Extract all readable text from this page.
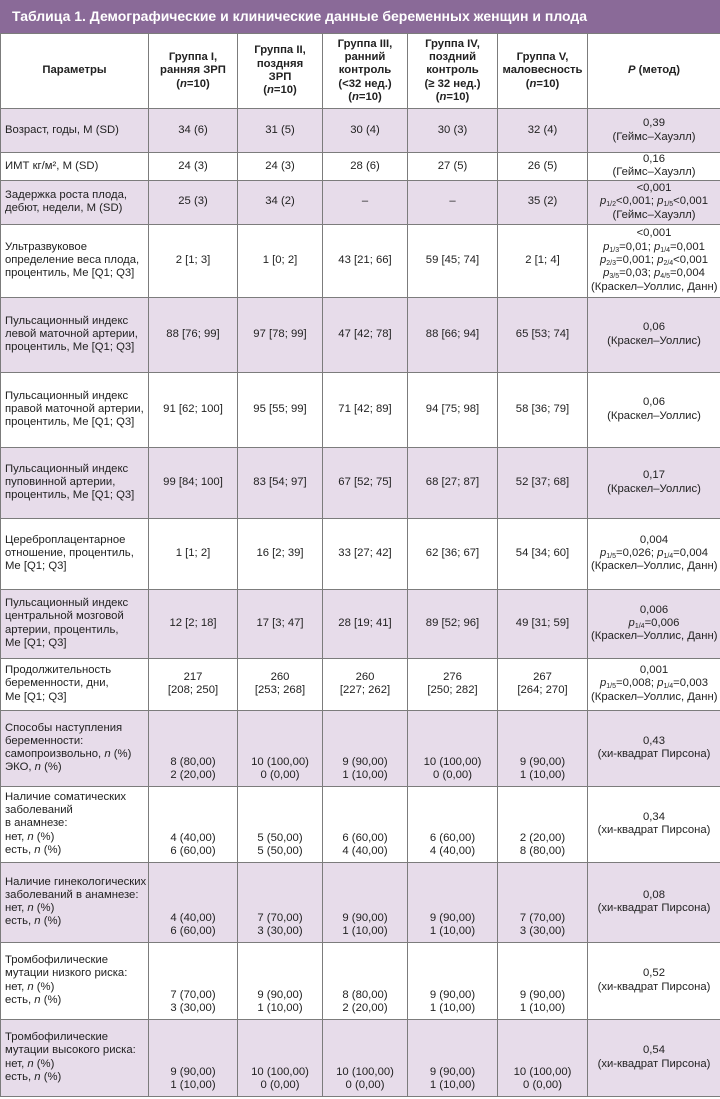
Таблица 1. Демографические и клинические данные беременных женщин и плода
Параметры	Группа I,
ранняя ЗРП
(n=10)	Группа II,
поздняя
ЗРП
(n=10)	Группа III,
ранний
контроль
(<32 нед.)
(n=10)	Группа IV,
поздний
контроль
(≥ 32 нед.)
(n=10)	Группа V,
маловесность
(n=10)	P (метод)

Возраст, годы, M (SD)	34 (6)	31 (5)	30 (4)	30 (3)	32 (4)	0,39
(Геймс–Хауэлл)

ИМТ кг/м², M (SD)	24 (3)	24 (3)	28 (6)	27 (5)	26 (5)	0,16
(Геймс–Хауэлл)

Задержка роста плода,
дебют, недели, M (SD)	25 (3)	34 (2)	–	–	35 (2)	<0,001
$p_{1/2}<0,001$; $p_{1/5}<0,001$
(Геймс–Хауэлл)

Ультразвуковое
определение веса плода,
процентиль, Me [Q1; Q3]	2 [1; 3]	1 [0; 2]	43 [21; 66]	59 [45; 74]	2 [1; 4]	<0,001
$p_{1/3}=0,01$; $p_{1/4}=0,001$
$p_{2/3}=0,001$; $p_{2/4}<0,001$
$p_{3/5}=0,03$; $p_{4/5}=0,004$
(Краскел–Уоллис, Данн)

Пульсационный индекс
левой маточной артерии,
процентиль, Me [Q1; Q3]	88 [76; 99]	97 [78; 99]	47 [42; 78]	88 [66; 94]	65 [53; 74]	0,06
(Краскел–Уоллис)

Пульсационный индекс
правой маточной артерии,
процентиль, Me [Q1; Q3]	91 [62; 100]	95 [55; 99]	71 [42; 89]	94 [75; 98]	58 [36; 79]	0,06
(Краскел–Уоллис)

Пульсационный индекс
пуповинной артерии,
процентиль, Me [Q1; Q3]	99 [84; 100]	83 [54; 97]	67 [52; 75]	68 [27; 87]	52 [37; 68]	0,17
(Краскел–Уоллис)

Цереброплацентарное
отношение, процентиль,
Me [Q1; Q3]	1 [1; 2]	16 [2; 39]	33 [27; 42]	62 [36; 67]	54 [34; 60]	0,004
$p_{1/5}=0,026$; $p_{1/4}=0,004$
(Краскел–Уоллис, Данн)

Пульсационный индекс
центральной мозговой
артерии, процентиль,
Me [Q1; Q3]	12 [2; 18]	17 [3; 47]	28 [19; 41]	89 [52; 96]	49 [31; 59]	0,006
$p_{1/4}=0,006$
(Краскел–Уоллис, Данн)

Продолжительность
беременности, дни,
Me [Q1; Q3]	217
[208; 250]	260
[253; 268]	260
[227; 262]	276
[250; 282]	267
[264; 270]	0,001
$p_{1/5}=0,008$; $p_{1/4}=0,003$
(Краскел–Уоллис, Данн)

Способы наступления
беременности:
самопроизвольно, n (%)
ЭКО, n (%)	8 (80,00)
2 (20,00)	10 (100,00)
0 (0,00)	9 (90,00)
1 (10,00)	10 (100,00)
0 (0,00)	9 (90,00)
1 (10,00)	0,43
(хи-квадрат Пирсона)

Наличие соматических
заболеваний
в анамнезе:
нет, n (%)
есть, n (%)	4 (40,00)
6 (60,00)	5 (50,00)
5 (50,00)	6 (60,00)
4 (40,00)	6 (60,00)
4 (40,00)	2 (20,00)
8 (80,00)	0,34
(хи-квадрат Пирсона)

Наличие гинекологических
заболеваний в анамнезе:
нет, n (%)
есть, n (%)	4 (40,00)
6 (60,00)	7 (70,00)
3 (30,00)	9 (90,00)
1 (10,00)	9 (90,00)
1 (10,00)	7 (70,00)
3 (30,00)	0,08
(хи-квадрат Пирсона)

Тромбофилические
мутации низкого риска:
нет, n (%)
есть, n (%)	7 (70,00)
3 (30,00)	9 (90,00)
1 (10,00)	8 (80,00)
2 (20,00)	9 (90,00)
1 (10,00)	9 (90,00)
1 (10,00)	0,52
(хи-квадрат Пирсона)

Тромбофилические
мутации высокого риска:
нет, n (%)
есть, n (%)	9 (90,00)
1 (10,00)	10 (100,00)
0 (0,00)	10 (100,00)
0 (0,00)	9 (90,00)
1 (10,00)	10 (100,00)
0 (0,00)	0,54
(хи-квадрат Пирсона)
